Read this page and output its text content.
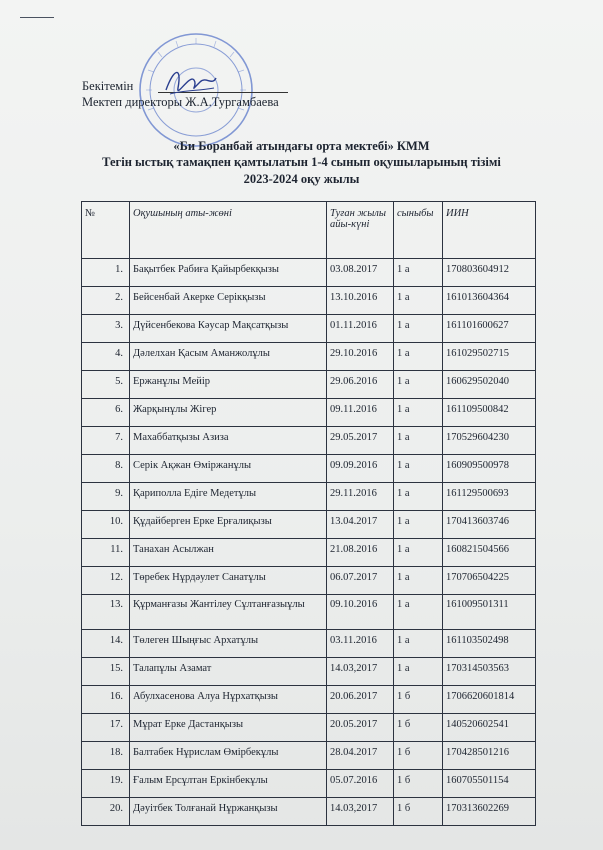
Бекітемін
Мектеп директоры Ж.А.Тургамбаева
«Би Боранбай атындағы орта мектебі» КММ
Тегін ыстық тамақпен қамтылатын 1-4 сынып оқушыларының тізімі
2023-2024 оқу жылы
№	Оқушының аты-жөні	Туған жылы айы-күні	сыныбы	ИИН
1.	Бақытбек Рабиға Қайырбекқызы	03.08.2017	1 а	170803604912
2.	Бейсенбай Акерке Серікқызы	13.10.2016	1 а	161013604364
3.	Дүйсенбекова Кәусар Мақсатқызы	01.11.2016	1 а	161101600627
4.	Дәлелхан Қасым Аманжолұлы	29.10.2016	1 а	161029502715
5.	Ержанұлы Мейір	29.06.2016	1 а	160629502040
6.	Жарқынұлы Жігер	09.11.2016	1 а	161109500842
7.	Махаббатқызы Азиза	29.05.2017	1 а	170529604230
8.	Серік Ақжан Өміржанұлы	09.09.2016	1 а	160909500978
9.	Қариполла Едіге Медетұлы	29.11.2016	1 а	161129500693
10.	Құдайберген Ерке Ерғалиқызы	13.04.2017	1 а	170413603746
11.	Танахан Асылжан	21.08.2016	1 а	160821504566
12.	Төребек Нұрдәулет Санатұлы	06.07.2017	1 а	170706504225
13.	Құрманғазы Жантілеу Сұлтанғазыұлы	09.10.2016	1 а	161009501311
14.	Төлеген Шыңғыс Архатұлы	03.11.2016	1 а	161103502498
15.	Талапұлы Азамат	14.03,2017	1 а	170314503563
16.	Абулхасенова Алуа Нұрхатқызы	20.06.2017	1 б	1706620601814
17.	Мұрат Ерке Дастанқызы	20.05.2017	1 б	140520602541
18.	Балтабек Нұрислам Өмірбекұлы	28.04.2017	1 б	170428501216
19.	Ғалым Ерсұлтан Еркінбекұлы	05.07.2016	1 б	160705501154
20.	Дәуітбек Толғанай Нұржанқызы	14.03,2017	1 б	170313602269
